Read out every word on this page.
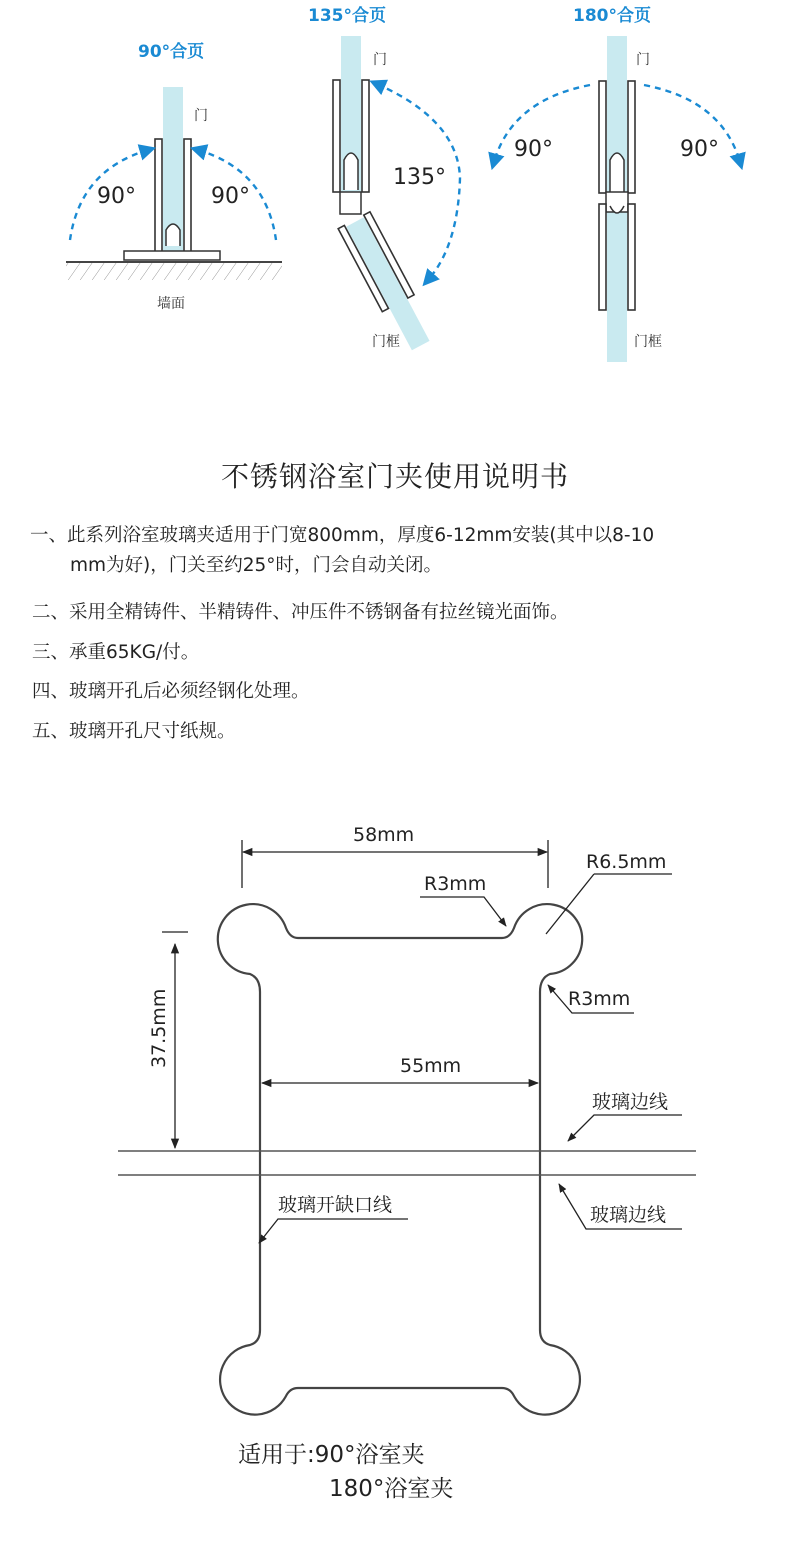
90°合页
墙面
门
90°	90°
135°合页
门
门框
135°
180°合页
门
门框
90°	90°
不锈钢浴室门夹使用说明书
一、此系列浴室玻璃夹适用于门宽800mm，厚度6-12mm安装(其中以8-10
mm为好)，门关至约25°时，门会自动关闭。
二、采用全精铸件、半精铸件、冲压件不锈钢备有拉丝镜光面饰。
三、承重65KG/付。
四、玻璃开孔后必须经钢化处理。
五、玻璃开孔尺寸纸规。
58mm
R6.5mm
R3mm
R3mm
37.5mm	55mm
玻璃边线
玻璃边线
玻璃开缺口线
适用于:90°浴室夹
180°浴室夹
